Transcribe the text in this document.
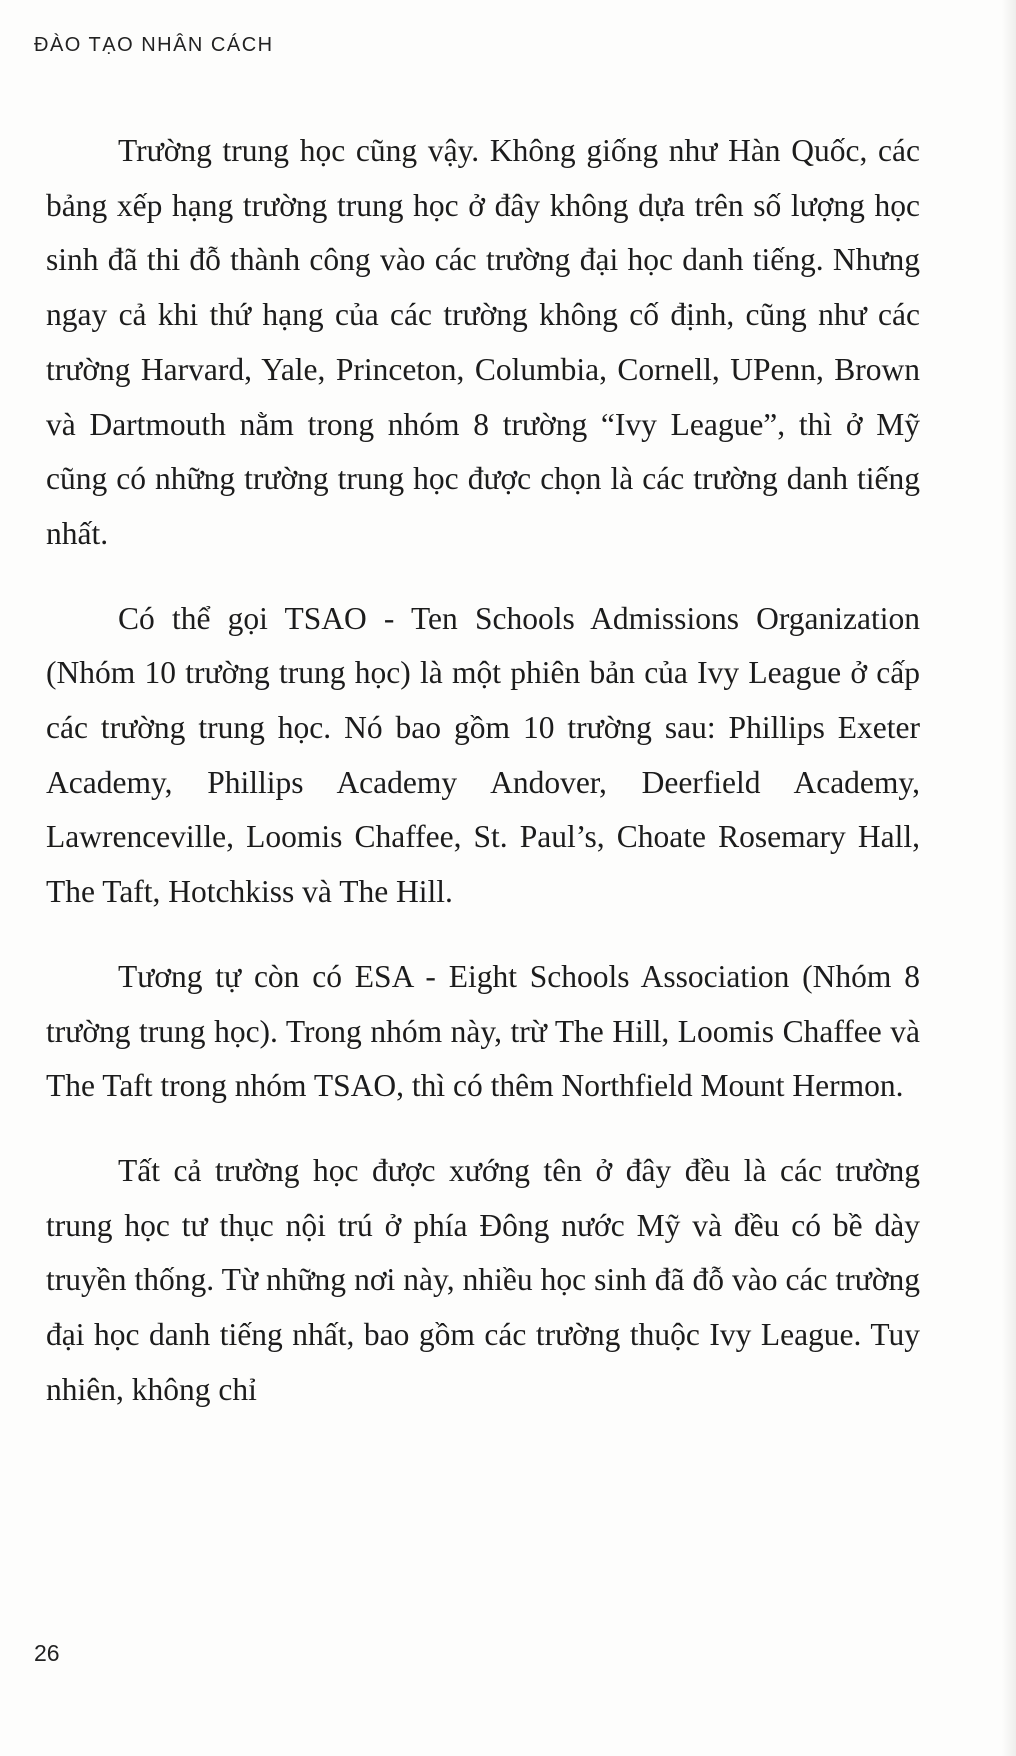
ĐÀO TẠO NHÂN CÁCH

Trường trung học cũng vậy. Không giống như Hàn Quốc, các bảng xếp hạng trường trung học ở đây không dựa trên số lượng học sinh đã thi đỗ thành công vào các trường đại học danh tiếng. Nhưng ngay cả khi thứ hạng của các trường không cố định, cũng như các trường Harvard, Yale, Princeton, Columbia, Cornell, UPenn, Brown và Dartmouth nằm trong nhóm 8 trường “Ivy League”, thì ở Mỹ cũng có những trường trung học được chọn là các trường danh tiếng nhất.

Có thể gọi TSAO - Ten Schools Admissions Organization (Nhóm 10 trường trung học) là một phiên bản của Ivy League ở cấp các trường trung học. Nó bao gồm 10 trường sau: Phillips Exeter Academy, Phillips Academy Andover, Deerfield Academy, Lawrenceville, Loomis Chaffee, St. Paul’s, Choate Rosemary Hall, The Taft, Hotchkiss và The Hill.

Tương tự còn có ESA - Eight Schools Association (Nhóm 8 trường trung học). Trong nhóm này, trừ The Hill, Loomis Chaffee và The Taft trong nhóm TSAO, thì có thêm Northfield Mount Hermon.

Tất cả trường học được xướng tên ở đây đều là các trường trung học tư thục nội trú ở phía Đông nước Mỹ và đều có bề dày truyền thống. Từ những nơi này, nhiều học sinh đã đỗ vào các trường đại học danh tiếng nhất, bao gồm các trường thuộc Ivy League. Tuy nhiên, không chỉ

26
